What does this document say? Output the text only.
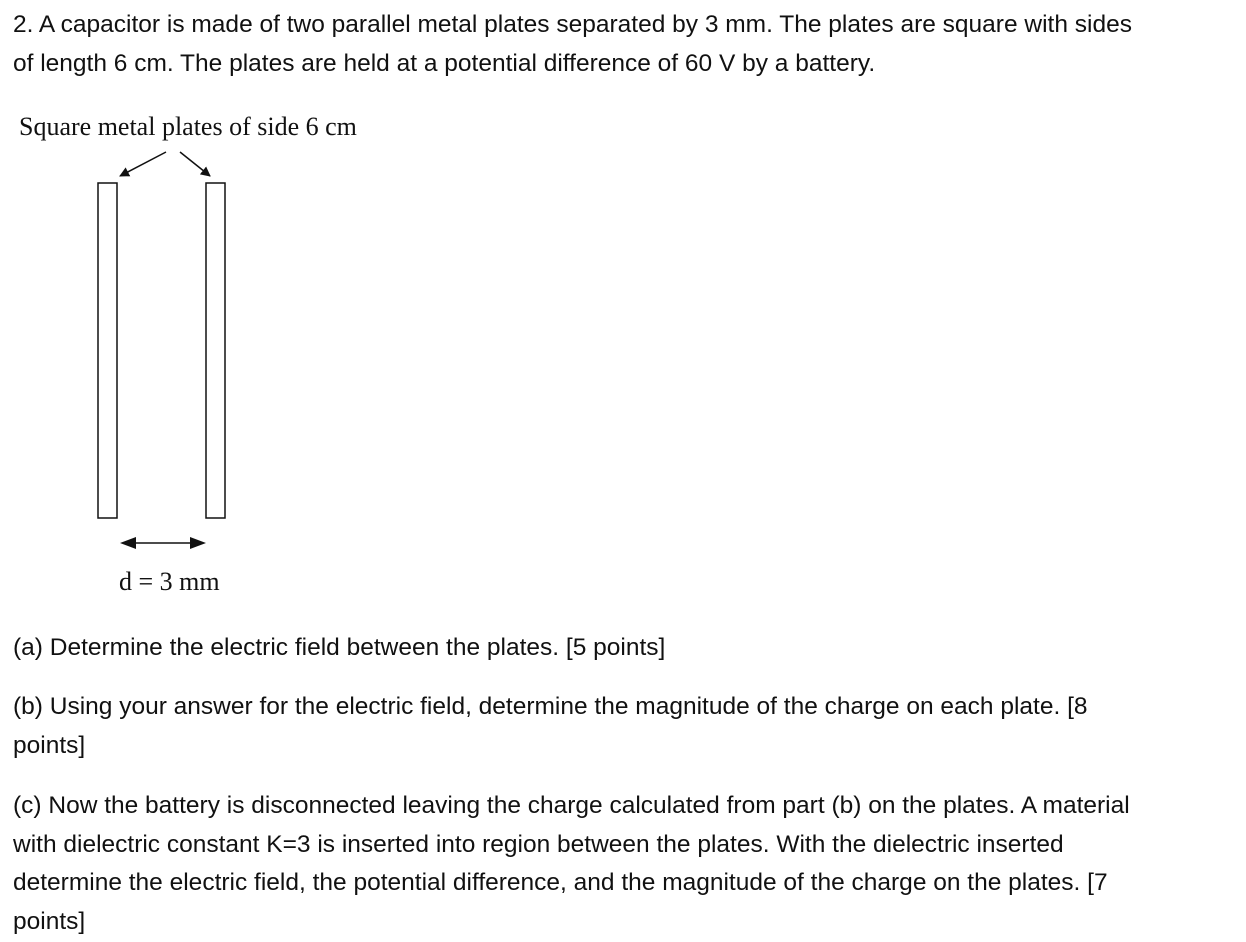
2. A capacitor is made of two parallel metal plates separated by 3 mm. The plates are square with sides
of length 6 cm. The plates are held at a potential difference of 60 V by a battery.

Square metal plates of side 6 cm
d = 3 mm

(a) Determine the electric field between the plates. [5 points]

(b) Using your answer for the electric field, determine the magnitude of the charge on each plate. [8
points]

(c) Now the battery is disconnected leaving the charge calculated from part (b) on the plates. A material
with dielectric constant K=3 is inserted into region between the plates. With the dielectric inserted
determine the electric field, the potential difference, and the magnitude of the charge on the plates. [7
points]
